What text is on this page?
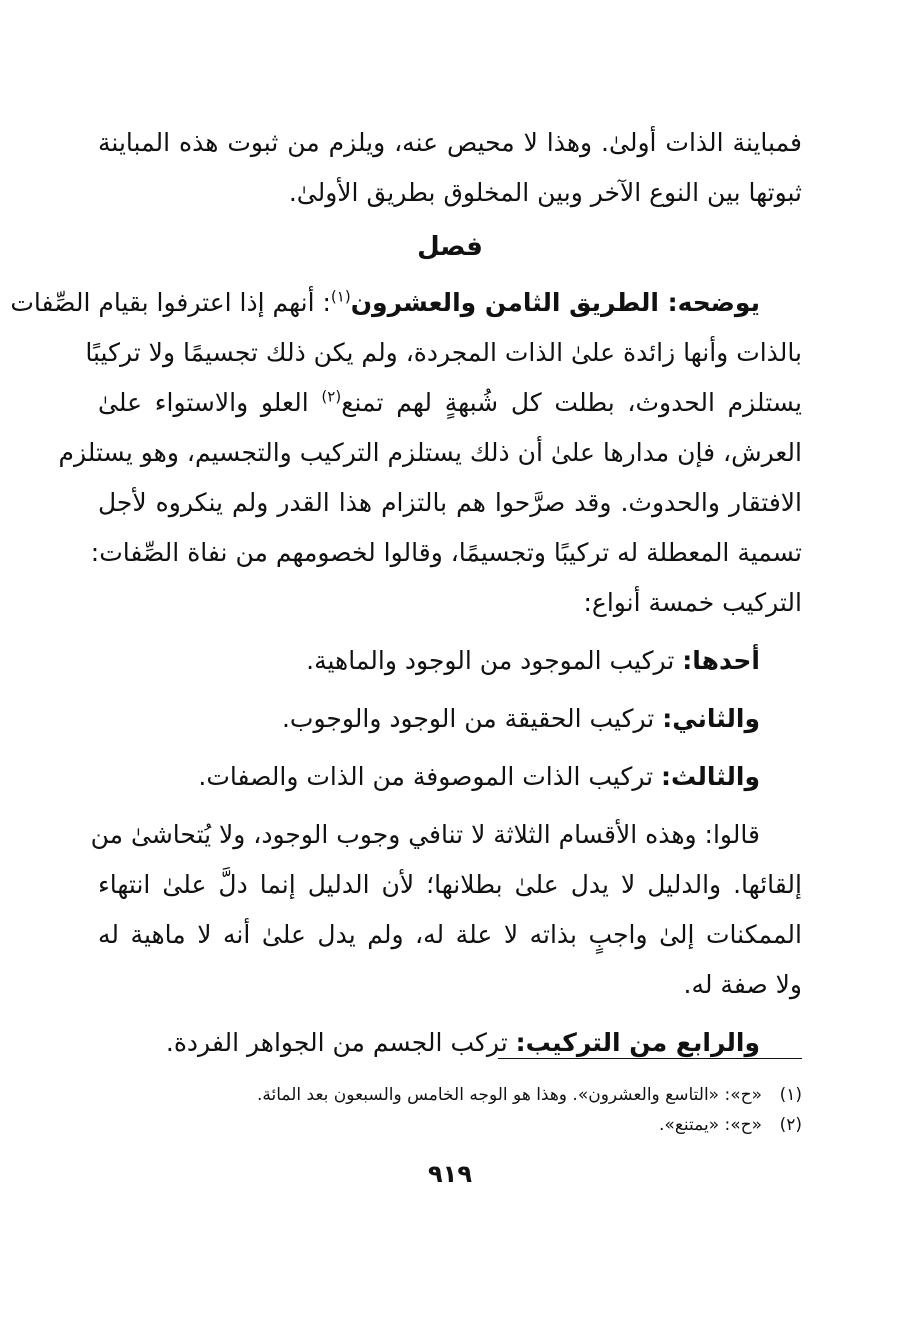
فمباينة الذات أولىٰ. وهذا لا محيص عنه، ويلزم من ثبوت هذه المباينة
ثبوتها بين النوع الآخر وبين المخلوق بطريق الأولىٰ.
فصل
يوضحه: الطريق الثامن والعشرون$^{(١)}$: أنهم إذا اعترفوا بقيام الصِّفات
بالذات وأنها زائدة علىٰ الذات المجردة، ولم يكن ذلك تجسيمًا ولا تركيبًا
يستلزم الحدوث، بطلت كل شُبهةٍ لهم تمنع$^{(٢)}$ العلو والاستواء علىٰ
العرش، فإن مدارها علىٰ أن ذلك يستلزم التركيب والتجسيم، وهو يستلزم
الافتقار والحدوث. وقد صرَّحوا هم بالتزام هذا القدر ولم ينكروه لأجل
تسمية المعطلة له تركيبًا وتجسيمًا، وقالوا لخصومهم من نفاة الصِّفات:
التركيب خمسة أنواع:
أحدها: تركيب الموجود من الوجود والماهية.
والثاني: تركيب الحقيقة من الوجود والوجوب.
والثالث: تركيب الذات الموصوفة من الذات والصفات.
قالوا: وهذه الأقسام الثلاثة لا تنافي وجوب الوجود، ولا يُتحاشىٰ من
إلقائها. والدليل لا يدل علىٰ بطلانها؛ لأن الدليل إنما دلَّ علىٰ انتهاء
الممكنات إلىٰ واجبٍ بذاته لا علة له، ولم يدل علىٰ أنه لا ماهية له
ولا صفة له.
والرابع من التركيب: تركب الجسم من الجواهر الفردة.
(١)«ح»: «التاسع والعشرون». وهذا هو الوجه الخامس والسبعون بعد المائة.
(٢)«ح»: «يمتنع».
٩١٩
